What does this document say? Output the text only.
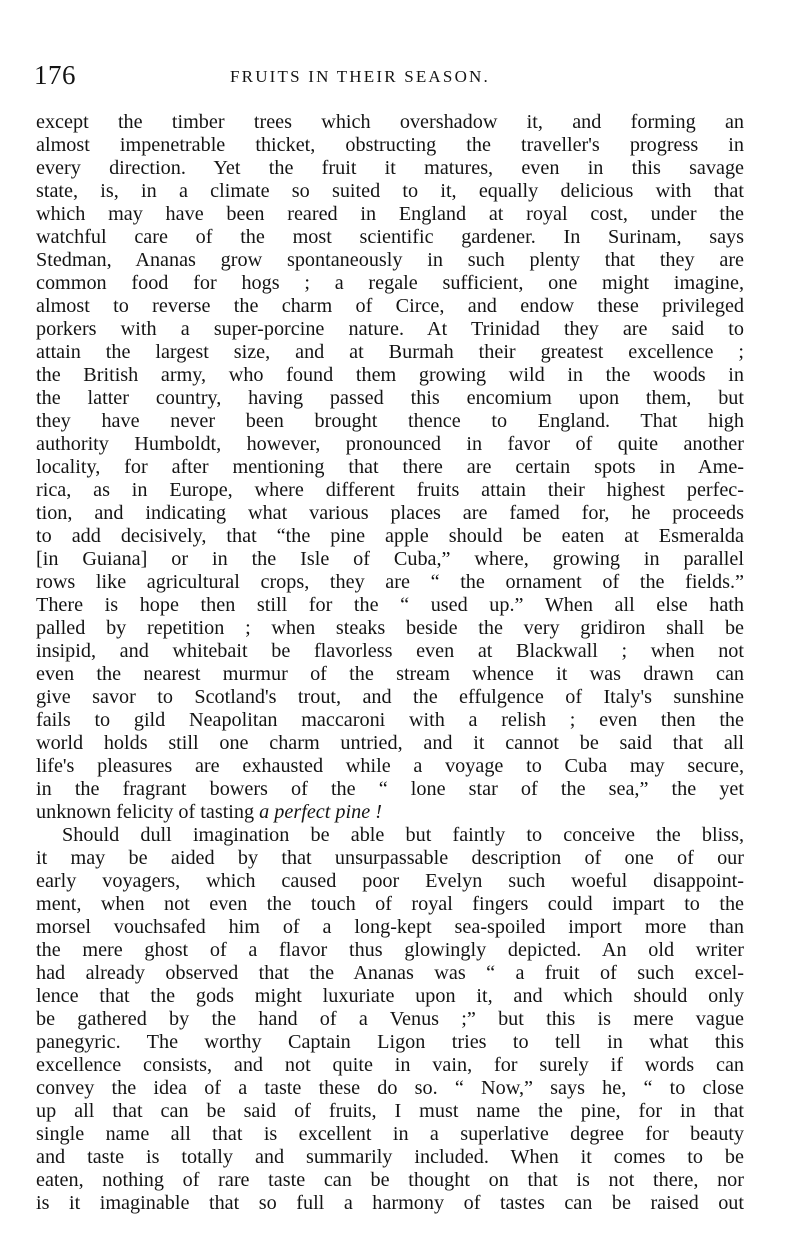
176	FRUITS IN THEIR SEASON.
except the timber trees which overshadow it, and forming an
almost impenetrable thicket, obstructing the traveller's progress in
every direction. Yet the fruit it matures, even in this savage
state, is, in a climate so suited to it, equally delicious with that
which may have been reared in England at royal cost, under the
watchful care of the most scientific gardener. In Surinam, says
Stedman, Ananas grow spontaneously in such plenty that they are
common food for hogs ; a regale sufficient, one might imagine,
almost to reverse the charm of Circe, and endow these privileged
porkers with a super-porcine nature. At Trinidad they are said to
attain the largest size, and at Burmah their greatest excellence ;
the British army, who found them growing wild in the woods in
the latter country, having passed this encomium upon them, but
they have never been brought thence to England. That high
authority Humboldt, however, pronounced in favor of quite another
locality, for after mentioning that there are certain spots in Ame-
rica, as in Europe, where different fruits attain their highest perfec-
tion, and indicating what various places are famed for, he proceeds
to add decisively, that “the pine apple should be eaten at Esmeralda
[in Guiana] or in the Isle of Cuba,” where, growing in parallel
rows like agricultural crops, they are “ the ornament of the fields.”
There is hope then still for the “ used up.” When all else hath
palled by repetition ; when steaks beside the very gridiron shall be
insipid, and whitebait be flavorless even at Blackwall ; when not
even the nearest murmur of the stream whence it was drawn can
give savor to Scotland's trout, and the effulgence of Italy's sunshine
fails to gild Neapolitan maccaroni with a relish ; even then the
world holds still one charm untried, and it cannot be said that all
life's pleasures are exhausted while a voyage to Cuba may secure,
in the fragrant bowers of the “ lone star of the sea,” the yet
unknown felicity of tasting a perfect pine !
Should dull imagination be able but faintly to conceive the bliss,
it may be aided by that unsurpassable description of one of our
early voyagers, which caused poor Evelyn such woeful disappoint-
ment, when not even the touch of royal fingers could impart to the
morsel vouchsafed him of a long-kept sea-spoiled import more than
the mere ghost of a flavor thus glowingly depicted. An old writer
had already observed that the Ananas was “ a fruit of such excel-
lence that the gods might luxuriate upon it, and which should only
be gathered by the hand of a Venus ;” but this is mere vague
panegyric. The worthy Captain Ligon tries to tell in what this
excellence consists, and not quite in vain, for surely if words can
convey the idea of a taste these do so. “ Now,” says he, “ to close
up all that can be said of fruits, I must name the pine, for in that
single name all that is excellent in a superlative degree for beauty
and taste is totally and summarily included. When it comes to be
eaten, nothing of rare taste can be thought on that is not there, nor
is it imaginable that so full a harmony of tastes can be raised out
